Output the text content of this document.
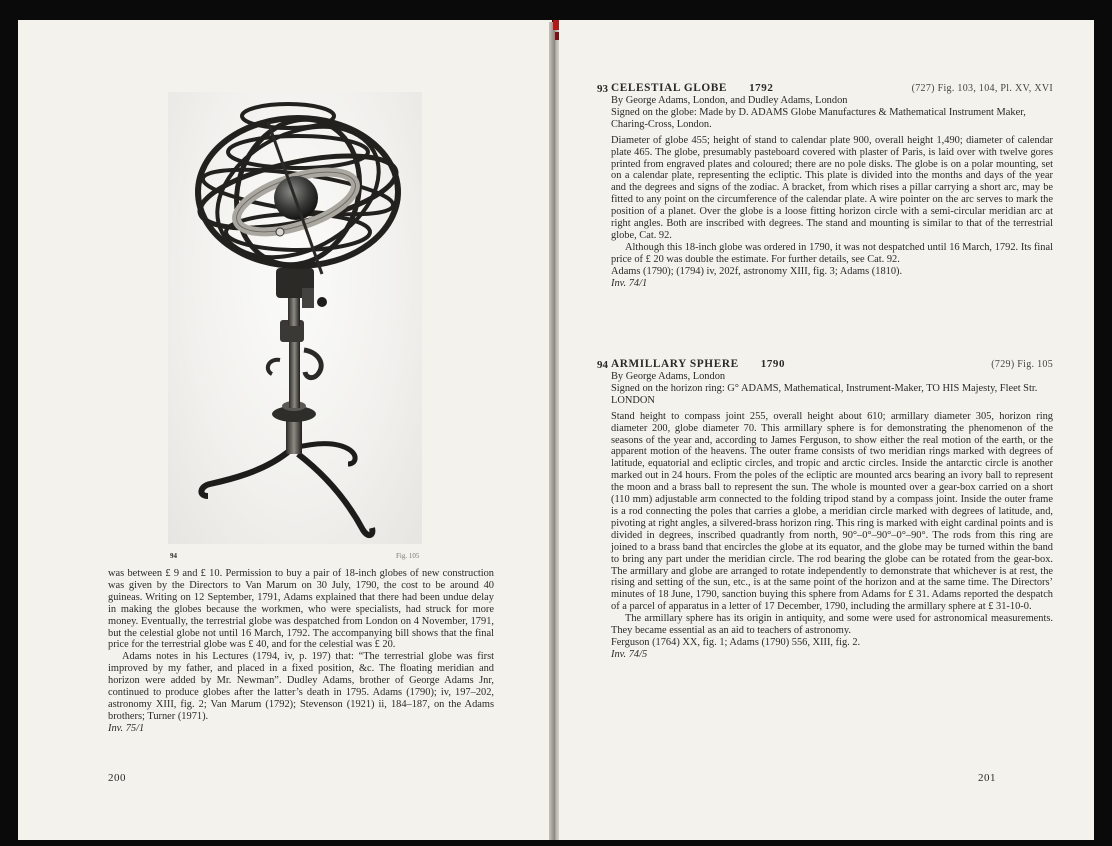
94	Fig. 105

was between £ 9 and £ 10. Permission to buy a pair of 18-inch globes of new construction was given by the Directors to Van Marum on 30 July, 1790, the cost to be around 40 guineas. Writing on 12 September, 1791, Adams explained that there had been undue delay in making the globes because the workmen, who were specialists, had struck for more money. Eventually, the terrestrial globe was despatched from London on 4 November, 1791, but the celestial globe not until 16 March, 1792. The accompanying bill shows that the final price for the terrestrial globe was £ 40, and for the celestial was £ 20.

Adams notes in his Lectures (1794, iv, p. 197) that: “The terrestrial globe was first improved by my father, and placed in a fixed position, &c. The floating meridian and horizon were added by Mr. Newman”. Dudley Adams, brother of George Adams Jnr, continued to produce globes after the latter’s death in 1795. Adams (1790); iv, 197–202, astronomy XIII, fig. 2; Van Marum (1792); Stevenson (1921) ii, 184–187, on the Adams brothers; Turner (1971).

Inv. 75/1

200
93 CELESTIAL GLOBE 1792	(727) Fig. 103, 104, Pl. XV, XVI

By George Adams, London, and Dudley Adams, London

Signed on the globe: Made by D. ADAMS Globe Manufactures & Mathematical Instrument Maker, Charing-Cross, London.

Diameter of globe 455; height of stand to calendar plate 900, overall height 1,490; diameter of calendar plate 465. The globe, presumably pasteboard covered with plaster of Paris, is laid over with twelve gores printed from engraved plates and coloured; there are no pole disks. The globe is on a polar mounting, set on a calendar plate, representing the ecliptic. This plate is divided into the months and days of the year and the degrees and signs of the zodiac. A bracket, from which rises a pillar carrying a short arc, may be fitted to any point on the circumference of the calendar plate. A wire pointer on the arc serves to mark the position of a planet. Over the globe is a loose fitting horizon circle with a semi-circular meridian arc at right angles. Both are inscribed with degrees. The stand and mounting is similar to that of the terrestrial globe, Cat. 92.

Although this 18-inch globe was ordered in 1790, it was not despatched until 16 March, 1792. Its final price of £ 20 was double the estimate. For further details, see Cat. 92.

Adams (1790); (1794) iv, 202f, astronomy XIII, fig. 3; Adams (1810).

Inv. 74/1

94 ARMILLARY SPHERE 1790	(729) Fig. 105

By George Adams, London

Signed on the horizon ring: G° ADAMS, Mathematical, Instrument-Maker, TO HIS Majesty, Fleet Str. LONDON

Stand height to compass joint 255, overall height about 610; armillary diameter 305, horizon ring diameter 200, globe diameter 70. This armillary sphere is for demonstrating the phenomenon of the seasons of the year and, according to James Ferguson, to show either the real motion of the earth, or the apparent motion of the heavens. The outer frame consists of two meridian rings marked with degrees of latitude, equatorial and ecliptic circles, and tropic and arctic circles. Inside the antarctic circle is another marked out in 24 hours. From the poles of the ecliptic are mounted arcs bearing an ivory ball to represent the moon and a brass ball to represent the sun. The whole is mounted over a gear-box carried on a short (110 mm) adjustable arm connected to the folding tripod stand by a compass joint. Inside the outer frame is a rod connecting the poles that carries a globe, a meridian circle marked with degrees of latitude, and, pivoting at right angles, a silvered-brass horizon ring. This ring is marked with eight cardinal points and is divided in degrees, inscribed quadrantly from north, 90°–0°–90°–0°–90°. The rods from this ring are joined to a brass band that encircles the globe at its equator, and the globe may be turned within the band to bring any part under the meridian circle. The rod bearing the globe can be rotated from the gear-box. The armillary and globe are arranged to rotate independently to demonstrate that whichever is at rest, the rising and setting of the sun, etc., is at the same point of the horizon and at the same time. The Directors’ minutes of 18 June, 1790, sanction buying this sphere from Adams for £ 31. Adams reported the despatch of a parcel of apparatus in a letter of 17 December, 1790, including the armillary sphere at £ 31-10-0.

The armillary sphere has its origin in antiquity, and some were used for astronomical measurements. They became essential as an aid to teachers of astronomy.

Ferguson (1764) XX, fig. 1; Adams (1790) 556, XIII, fig. 2.

Inv. 74/5

201
